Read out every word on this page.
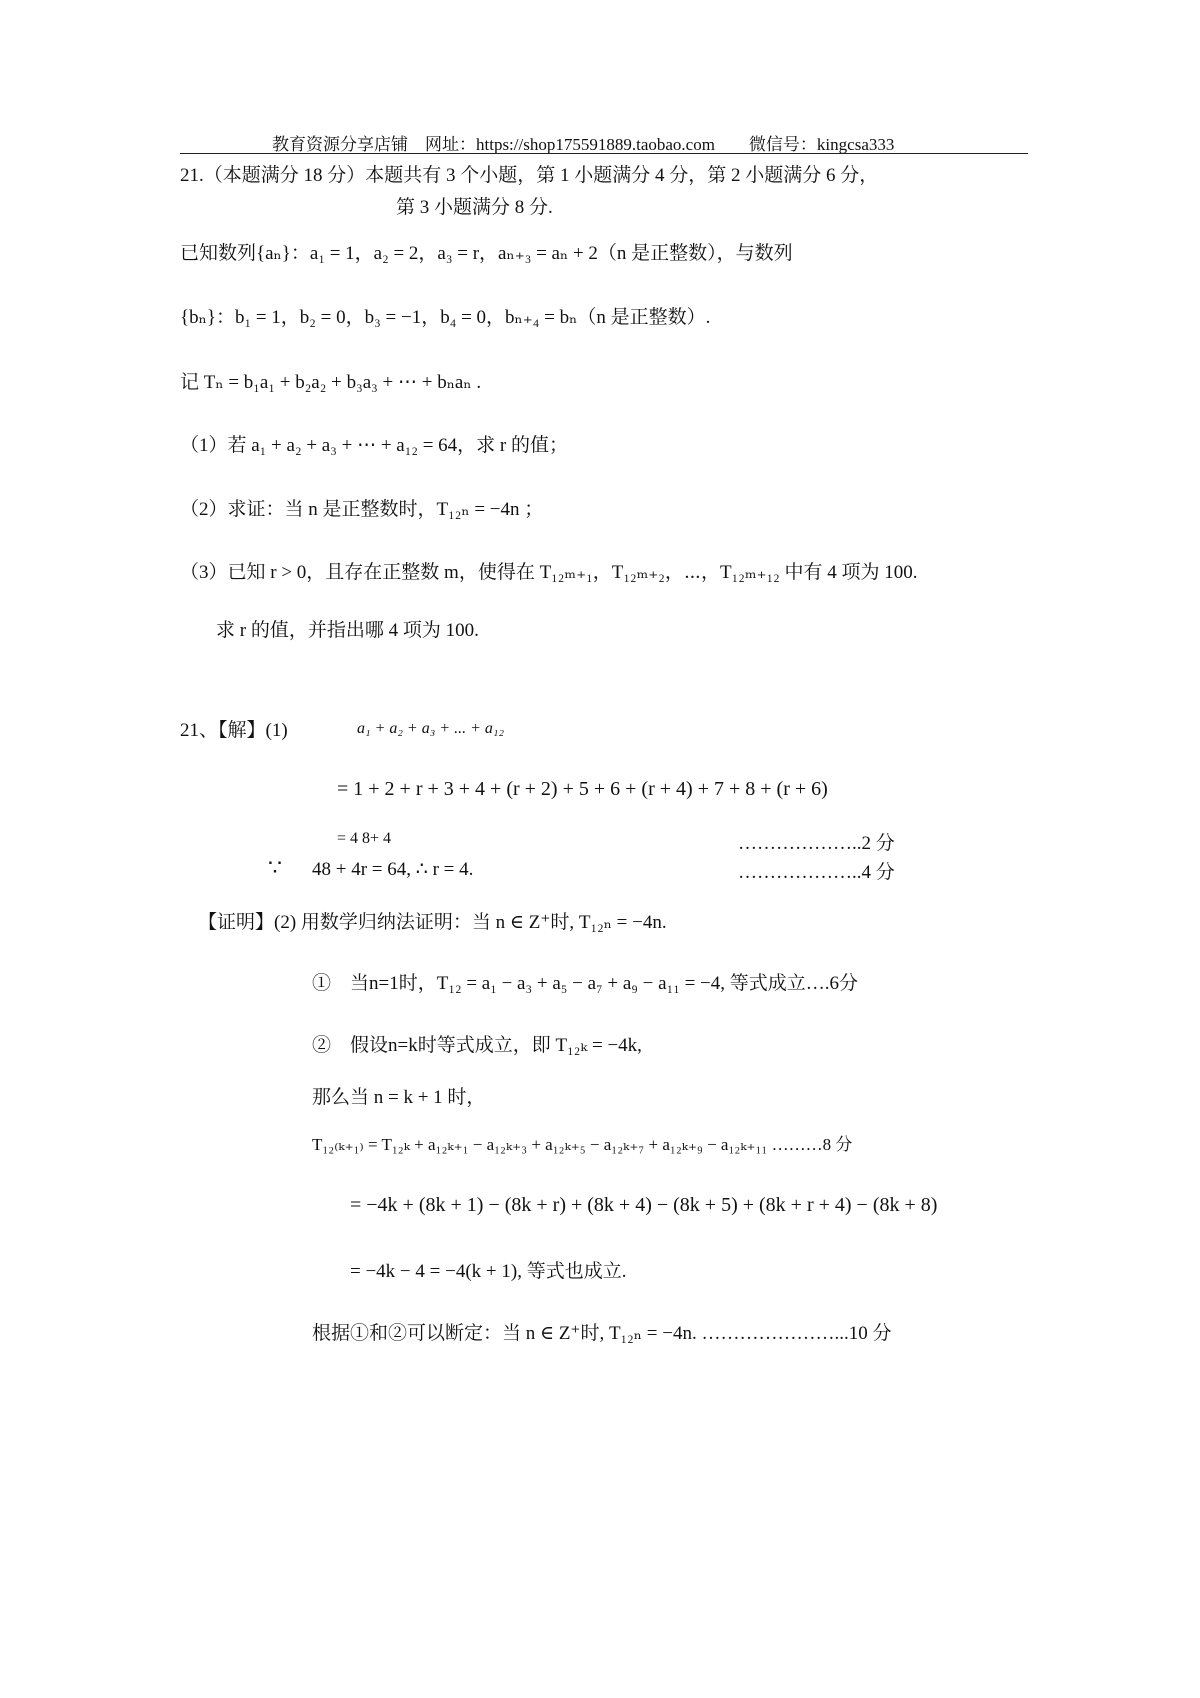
教育资源分享店铺　网址：https://shop175591889.taobao.com　　微信号：kingcsa333
21.（本题满分 18 分）本题共有 3 个小题，第 1 小题满分 4 分，第 2 小题满分 6 分，
第 3 小题满分 8 分.
已知数列{aₙ}：a₁ = 1，a₂ = 2，a₃ = r，aₙ₊₃ = aₙ + 2（n 是正整数），与数列
{bₙ}：b₁ = 1，b₂ = 0，b₃ = −1，b₄ = 0，bₙ₊₄ = bₙ（n 是正整数）.
记 Tₙ = b₁a₁ + b₂a₂ + b₃a₃ + ⋯ + bₙaₙ .
（1）若 a₁ + a₂ + a₃ + ⋯ + a₁₂ = 64，求 r 的值；
（2）求证：当 n 是正整数时，T₁₂ₙ = −4n ；
（3）已知 r > 0，且存在正整数 m，使得在 T₁₂ₘ₊₁，T₁₂ₘ₊₂，⋯，T₁₂ₘ₊₁₂ 中有 4 项为 100.
求 r 的值，并指出哪 4 项为 100.
21、【解】(1)	a₁ + a₂ + a₃ + ... + a₁₂
= 1 + 2 + r + 3 + 4 + (r + 2) + 5 + 6 + (r + 4) + 7 + 8 + (r + 6)
= 4 8+ 4	………………..2 分
∵ 48 + 4r = 64, ∴ r = 4.	………………..4 分
【证明】(2) 用数学归纳法证明：当 n ∈ Z⁺时, T₁₂ₙ = −4n.
①　当n=1时，T₁₂ = a₁ − a₃ + a₅ − a₇ + a₉ − a₁₁ = −4, 等式成立….6分
②　假设n=k时等式成立，即 T₁₂ₖ = −4k,
那么当 n = k + 1 时，
T₁₂₍ₖ₊₁₎ = T₁₂ₖ + a₁₂ₖ₊₁ − a₁₂ₖ₊₃ + a₁₂ₖ₊₅ − a₁₂ₖ₊₇ + a₁₂ₖ₊₉ − a₁₂ₖ₊₁₁ ………8 分
= −4k + (8k + 1) − (8k + r) + (8k + 4) − (8k + 5) + (8k + r + 4) − (8k + 8)
= −4k − 4 = −4(k + 1), 等式也成立.
根据①和②可以断定：当 n ∈ Z⁺时, T₁₂ₙ = −4n. …………………...10 分
